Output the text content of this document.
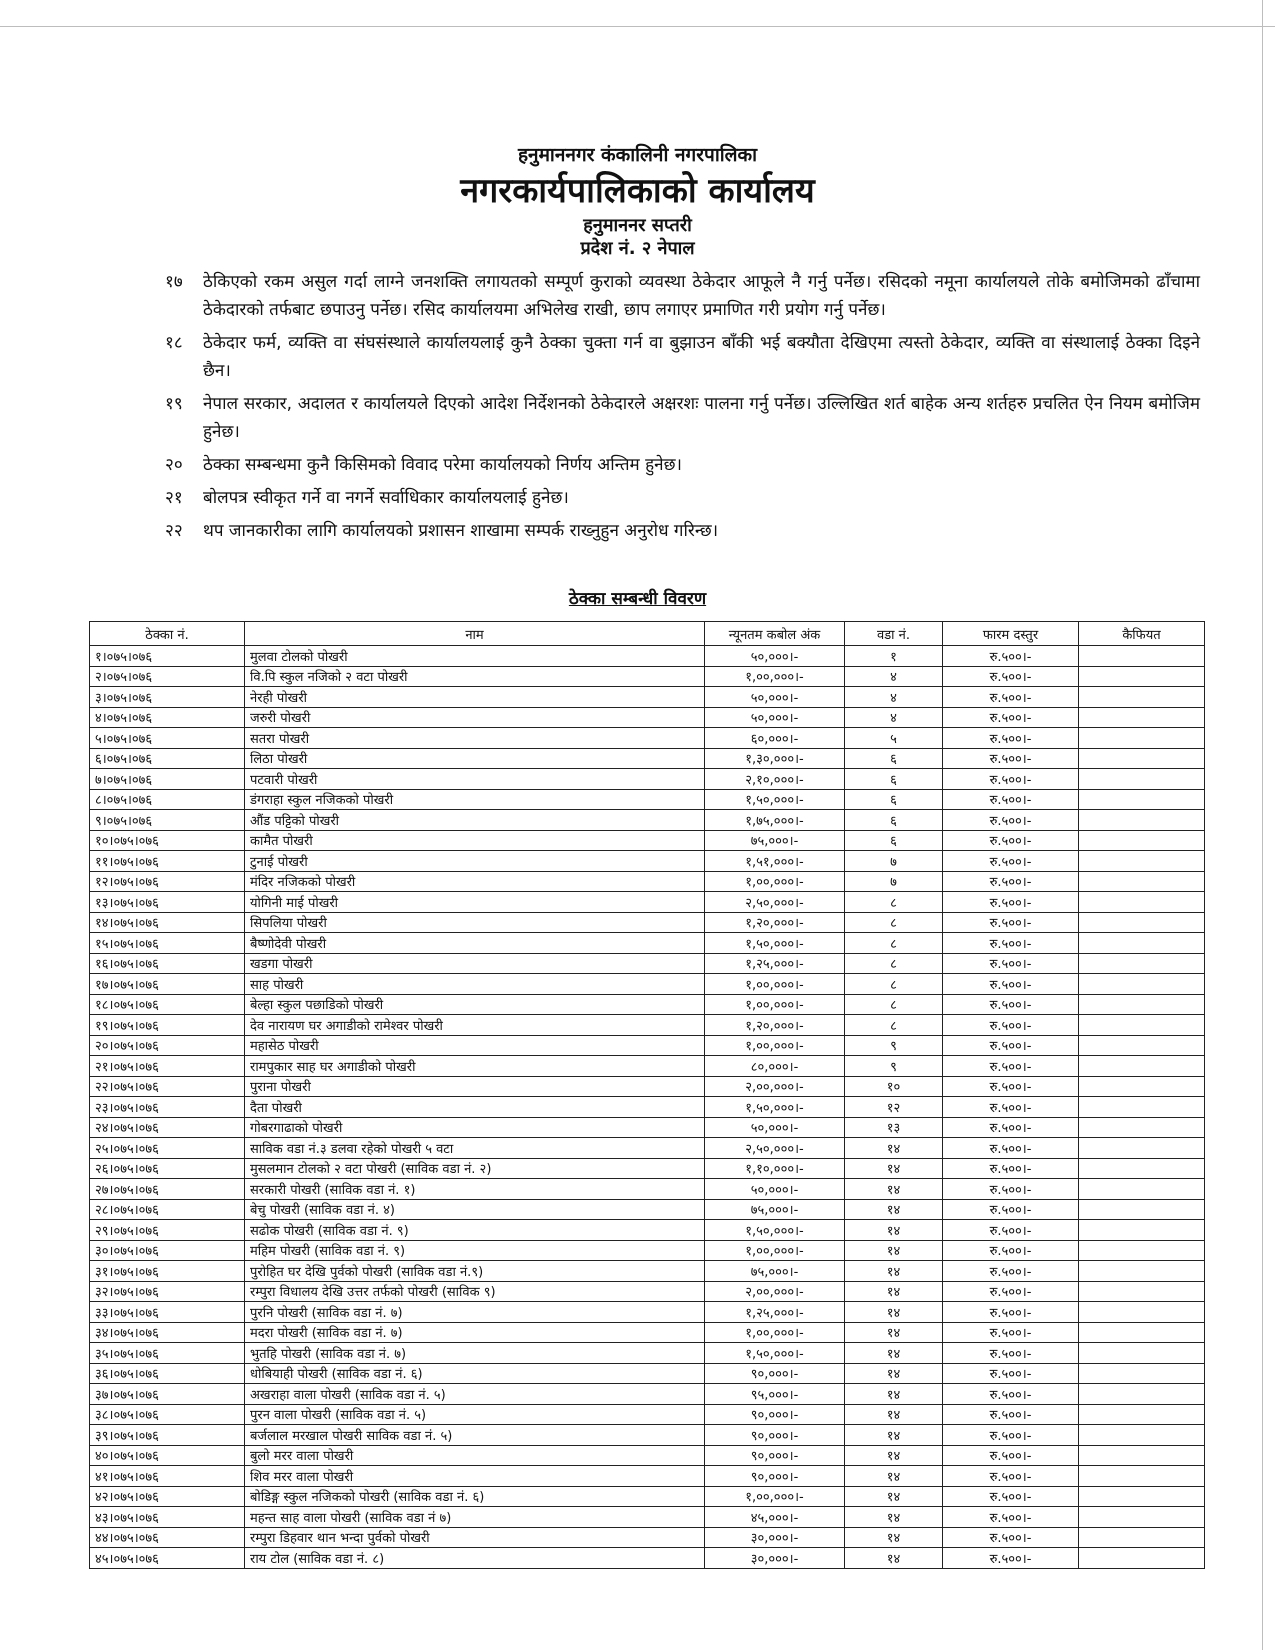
हनुमाननगर कंकालिनी नगरपालिका
नगरकार्यपालिकाको कार्यालय
हनुमाननर सप्तरी
प्रदेश नं. २ नेपाल
१७	ठेकिएको रकम असुल गर्दा लाग्ने जनशक्ति लगायतको सम्पूर्ण कुराको व्यवस्था ठेकेदार आफूले नै गर्नु पर्नेछ। रसिदको नमूना कार्यालयले तोके बमोजिमको ढाँचामा ठेकेदारको तर्फबाट छपाउनु पर्नेछ। रसिद कार्यालयमा अभिलेख राखी, छाप लगाएर प्रमाणित गरी प्रयोग गर्नु पर्नेछ।
१८	ठेकेदार फर्म, व्यक्ति वा संघसंस्थाले कार्यालयलाई कुनै ठेक्का चुक्ता गर्न वा बुझाउन बाँकी भई बक्यौता देखिएमा त्यस्तो ठेकेदार, व्यक्ति वा संस्थालाई ठेक्का दिइने छैन।
१९	नेपाल सरकार, अदालत र कार्यालयले दिएको आदेश निर्देशनको ठेकेदारले अक्षरशः पालना गर्नु पर्नेछ। उल्लिखित शर्त बाहेक अन्य शर्तहरु प्रचलित ऐन नियम बमोजिम हुनेछ।
२०	ठेक्का सम्बन्धमा कुनै किसिमको विवाद परेमा कार्यालयको निर्णय अन्तिम हुनेछ।
२१	बोलपत्र स्वीकृत गर्ने वा नगर्ने सर्वाधिकार कार्यालयलाई हुनेछ।
२२	थप जानकारीका लागि कार्यालयको प्रशासन शाखामा सम्पर्क राख्नुहुन अनुरोध गरिन्छ।
ठेक्का सम्बन्धी विवरण
ठेक्का नं.	नाम	न्यूनतम कबोल अंक	वडा नं.	फारम दस्तुर	कैफियत
१।०७५।०७६	मुलवा टोलको पोखरी	५०,०००।-	१	रु.५००।-	
२।०७५।०७६	वि.पि स्कुल नजिको २ वटा पोखरी	१,००,०००।-	४	रु.५००।-	
३।०७५।०७६	नेरही पोखरी	५०,०००।-	४	रु.५००।-	
४।०७५।०७६	जरुरी पोखरी	५०,०००।-	४	रु.५००।-	
५।०७५।०७६	सतरा पोखरी	६०,०००।-	५	रु.५००।-	
६।०७५।०७६	लिठा पोखरी	१,३०,०००।-	६	रु.५००।-	
७।०७५।०७६	पटवारी पोखरी	२,१०,०००।-	६	रु.५००।-	
८।०७५।०७६	डंगराहा स्कुल नजिकको पोखरी	१,५०,०००।-	६	रु.५००।-	
९।०७५।०७६	औंड पट्टिको पोखरी	१,७५,०००।-	६	रु.५००।-	
१०।०७५।०७६	कामैत पोखरी	७५,०००।-	६	रु.५००।-	
११।०७५।०७६	टुनाई पोखरी	१,५१,०००।-	७	रु.५००।-	
१२।०७५।०७६	मंदिर नजिकको पोखरी	१,००,०००।-	७	रु.५००।-	
१३।०७५।०७६	योगिनी माई पोखरी	२,५०,०००।-	८	रु.५००।-	
१४।०७५।०७६	सिपलिया पोखरी	१,२०,०००।-	८	रु.५००।-	
१५।०७५।०७६	बैष्णोदेवी पोखरी	१,५०,०००।-	८	रु.५००।-	
१६।०७५।०७६	खडगा पोखरी	१,२५,०००।-	८	रु.५००।-	
१७।०७५।०७६	साह पोखरी	१,००,०००।-	८	रु.५००।-	
१८।०७५।०७६	बेल्हा स्कुल पछाडिको पोखरी	१,००,०००।-	८	रु.५००।-	
१९।०७५।०७६	देव नारायण घर अगाडीको रामेश्वर पोखरी	१,२०,०००।-	८	रु.५००।-	
२०।०७५।०७६	महासेठ पोखरी	१,००,०००।-	९	रु.५००।-	
२१।०७५।०७६	रामपुकार साह घर अगाडीको पोखरी	८०,०००।-	९	रु.५००।-	
२२।०७५।०७६	पुराना पोखरी	२,००,०००।-	१०	रु.५००।-	
२३।०७५।०७६	दैता पोखरी	१,५०,०००।-	१२	रु.५००।-	
२४।०७५।०७६	गोबरगाढाको पोखरी	५०,०००।-	१३	रु.५००।-	
२५।०७५।०७६	साविक वडा नं.३ डलवा रहेको पोखरी ५ वटा	२,५०,०००।-	१४	रु.५००।-	
२६।०७५।०७६	मुसलमान टोलको २ वटा पोखरी (साविक वडा नं. २)	१,१०,०००।-	१४	रु.५००।-	
२७।०७५।०७६	सरकारी पोखरी (साविक वडा नं. १)	५०,०००।-	१४	रु.५००।-	
२८।०७५।०७६	बेचु पोखरी (साविक वडा नं. ४)	७५,०००।-	१४	रु.५००।-	
२९।०७५।०७६	सढोक पोखरी (साविक वडा नं. ९)	१,५०,०००।-	१४	रु.५००।-	
३०।०७५।०७६	महिम पोखरी (साविक वडा नं. ९)	१,००,०००।-	१४	रु.५००।-	
३१।०७५।०७६	पुरोहित घर देखि पुर्वको पोखरी (साविक वडा नं.९)	७५,०००।-	१४	रु.५००।-	
३२।०७५।०७६	रम्पुरा विधालय देखि उत्तर तर्फको पोखरी (साविक ९)	२,००,०००।-	१४	रु.५००।-	
३३।०७५।०७६	पुरनि पोखरी (साविक वडा नं. ७)	१,२५,०००।-	१४	रु.५००।-	
३४।०७५।०७६	मदरा पोखरी (साविक वडा नं. ७)	१,००,०००।-	१४	रु.५००।-	
३५।०७५।०७६	भुतहि पोखरी (साविक वडा नं. ७)	१,५०,०००।-	१४	रु.५००।-	
३६।०७५।०७६	धोबियाही पोखरी (साविक वडा नं. ६)	९०,०००।-	१४	रु.५००।-	
३७।०७५।०७६	अखराहा वाला पोखरी (साविक वडा नं. ५)	९५,०००।-	१४	रु.५००।-	
३८।०७५।०७६	पुरन वाला पोखरी (साविक वडा नं. ५)	९०,०००।-	१४	रु.५००।-	
३९।०७५।०७६	बर्जलाल मरखाल पोखरी साविक वडा नं. ५)	९०,०००।-	१४	रु.५००।-	
४०।०७५।०७६	बुलो मरर वाला पोखरी	९०,०००।-	१४	रु.५००।-	
४१।०७५।०७६	शिव मरर वाला पोखरी	९०,०००।-	१४	रु.५००।-	
४२।०७५।०७६	बोडिङ्ग स्कुल नजिकको पोखरी (साविक वडा नं. ६)	१,००,०००।-	१४	रु.५००।-	
४३।०७५।०७६	महन्त साह वाला पोखरी (साविक वडा नं ७)	४५,०००।-	१४	रु.५००।-	
४४।०७५।०७६	रम्पुरा डिहवार थान भन्दा पुर्वको पोखरी	३०,०००।-	१४	रु.५००।-	
४५।०७५।०७६	राय टोल (साविक वडा नं. ८)	३०,०००।-	१४	रु.५००।-	
